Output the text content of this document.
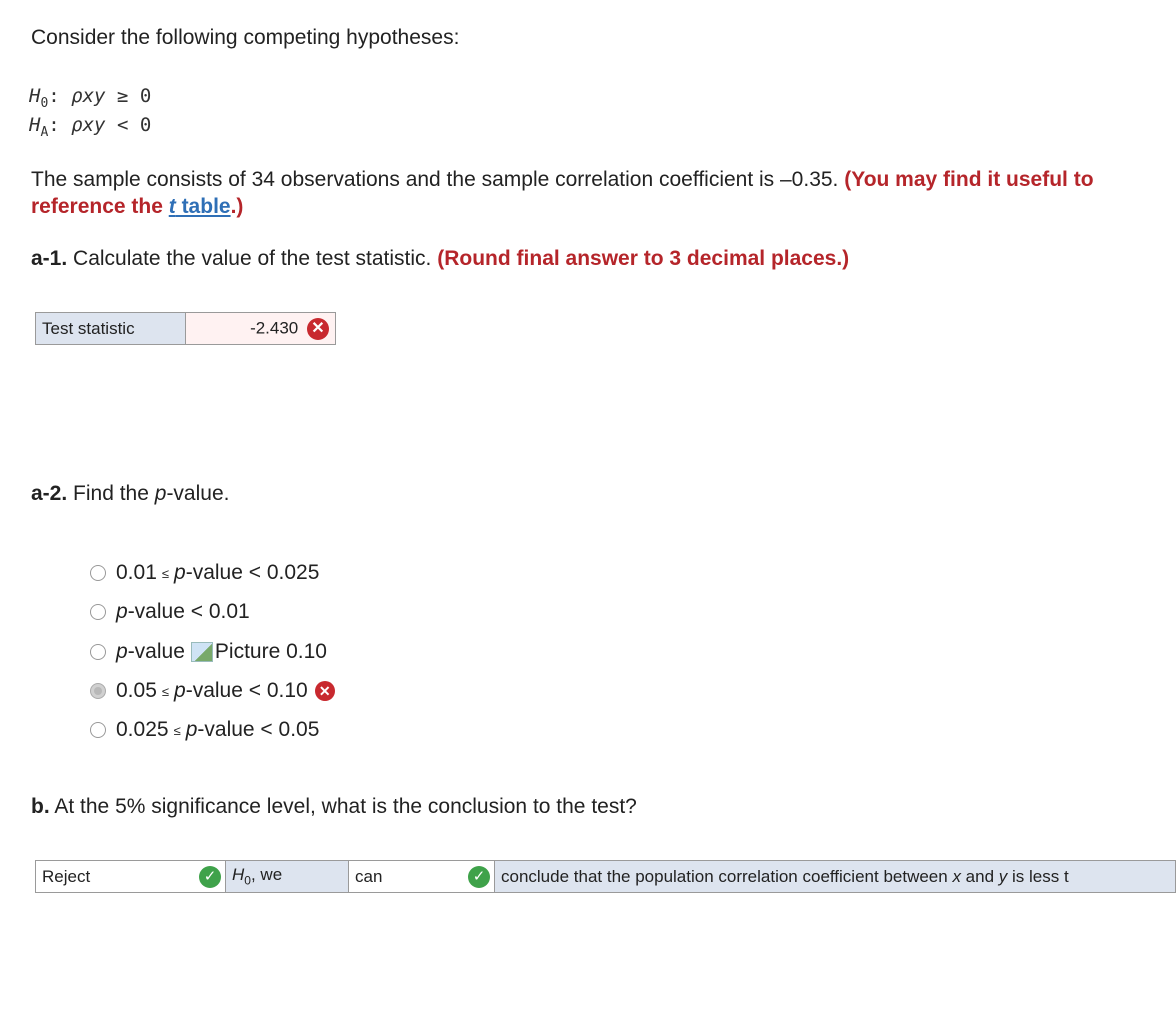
Consider the following competing hypotheses:
$H_0$: ρxy ≥ 0
$H_A$: ρxy < 0
The sample consists of 34 observations and the sample correlation coefficient is –0.35. (You may find it useful to reference the t table.)
a-1. Calculate the value of the test statistic. (Round final answer to 3 decimal places.)
Test statistic	-2.430 ✕
a-2. Find the p-value.
0.01 ≤ p -value < 0.025
p -value < 0.01
p -value Picture
0.10
0.05 ≤ p -value < 0.10 ✕
0.025 ≤ p -value < 0.05
b. At the 5% significance level, what is the conclusion to the test?
Reject	✓	$H_0$, we	can	✓	conclude that the population correlation coefficient between x and y is less t
